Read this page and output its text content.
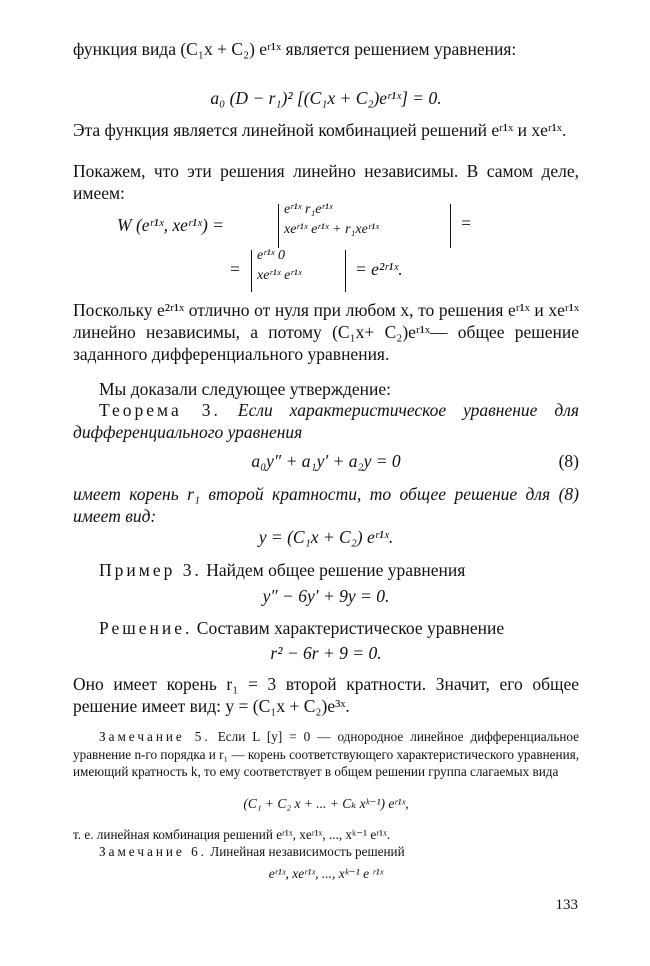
функция вида (C₁x + C₂) eʳ¹ˣ является решением уравнения:

a₀ (D − r₁)² [(C₁x + C₂)eʳ¹ˣ] = 0.

Эта функция является линейной комбинацией решений eʳ¹ˣ и xeʳ¹ˣ.

Покажем, что эти решения линейно независимы. В самом деле, имеем:

W (eʳ¹ˣ, xeʳ¹ˣ) =
eʳ¹ˣ r₁eʳ¹ˣ
xeʳ¹ˣ eʳ¹ˣ + r₁xeʳ¹ˣ	=
=
eʳ¹ˣ 0
xeʳ¹ˣ eʳ¹ˣ	= e²ʳ¹ˣ.

Поскольку e²ʳ¹ˣ отлично от нуля при любом x, то решения eʳ¹ˣ и xeʳ¹ˣ линейно независимы, а потому (C₁x+ C₂)eʳ¹ˣ— общее решение заданного дифференциального уравнения.

Мы доказали следующее утверждение:

Теорема 3. Если характеристическое уравнение для дифференциального уравнения

a₀y″ + a₁y′ + a₂y = 0	(8)

имеет корень r₁ второй кратности, то общее решение для (8) имеет вид:

y = (C₁x + C₂) eʳ¹ˣ.

Пример 3. Найдем общее решение уравнения

y″ − 6y′ + 9y = 0.

Решение. Составим характеристическое уравнение

r² − 6r + 9 = 0.

Оно имеет корень r₁ = 3 второй кратности. Значит, его общее решение имеет вид: y = (C₁x + C₂)e³ˣ.

Замечание 5. Если L [y] = 0 — однородное линейное дифференциальное уравнение n-го порядка и r₁ — корень соответствующего характеристического уравнения, имеющий кратность k, то ему соответствует в общем решении группа слагаемых вида

(C₁ + C₂ x + ... + Cₖ xᵏ⁻¹) eʳ¹ˣ,

т. е. линейная комбинация решений eʳ¹ˣ, xeʳ¹ˣ, ..., xᵏ⁻¹ eʳ¹ˣ.

Замечание 6. Линейная независимость решений

eʳ¹ˣ, xeʳ¹ˣ, ..., xᵏ⁻¹ e ʳ¹ˣ
133
